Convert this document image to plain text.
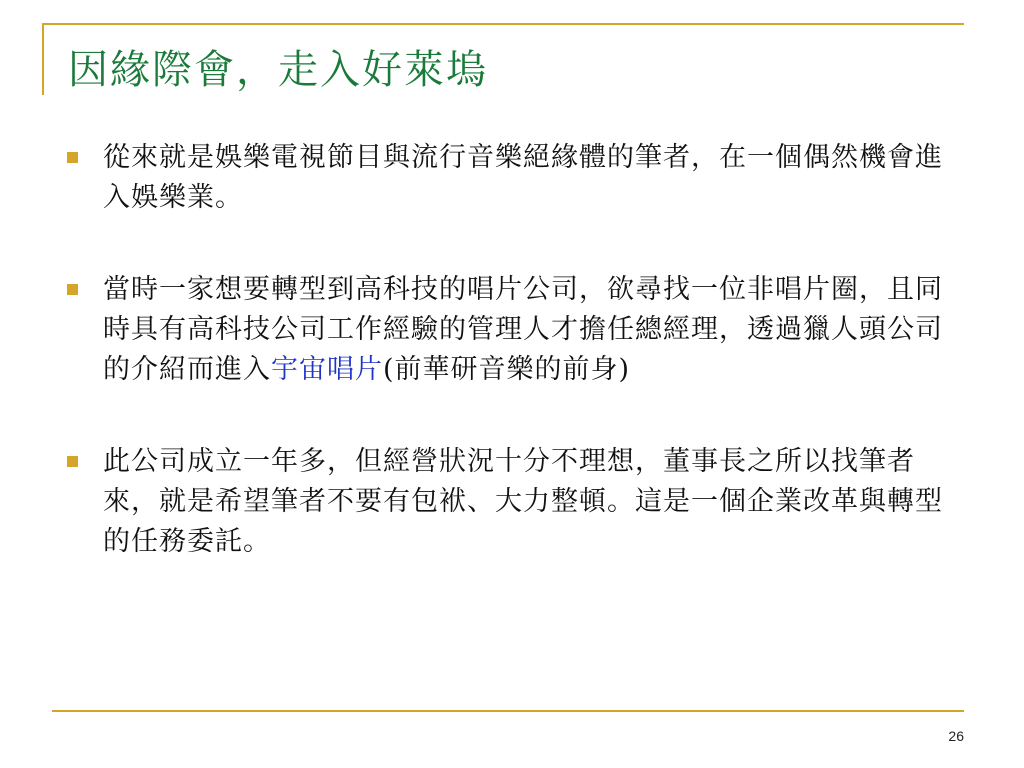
因緣際會，走入好萊塢
從來就是娛樂電視節目與流行音樂絕緣體的筆者，在一個偶然機會進入娛樂業。
當時一家想要轉型到高科技的唱片公司，欲尋找一位非唱片圈，且同時具有高科技公司工作經驗的管理人才擔任總經理，透過獵人頭公司的介紹而進入宇宙唱片(前華研音樂的前身)
此公司成立一年多，但經營狀況十分不理想，董事長之所以找筆者來，就是希望筆者不要有包袱、大力整頓。這是一個企業改革與轉型的任務委託。
26
